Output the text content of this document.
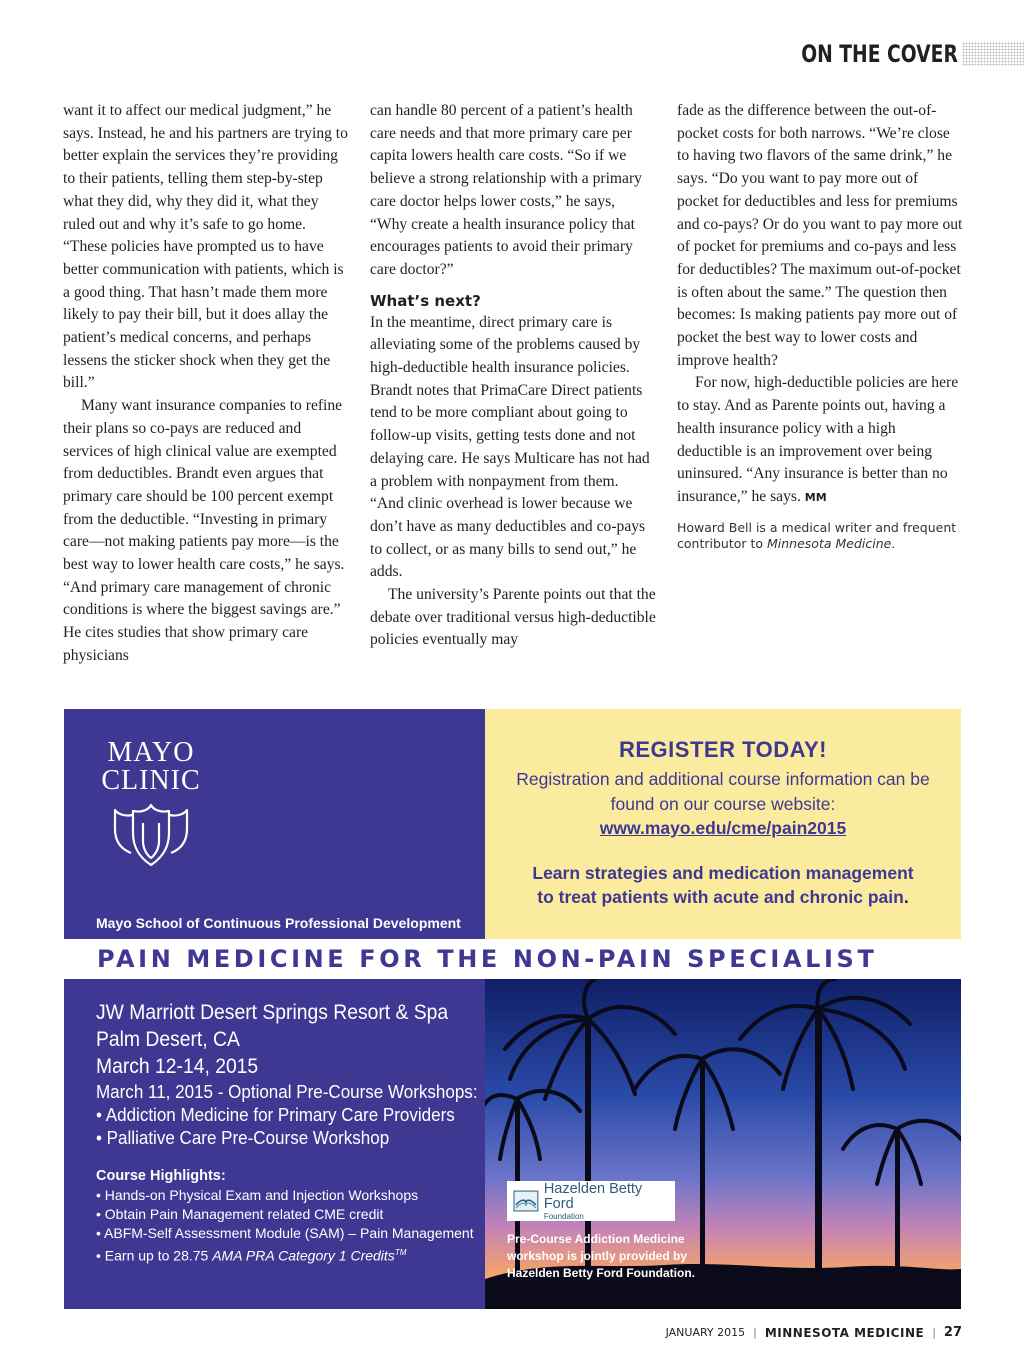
ON THE COVER

want it to affect our medical judgment,” he says. Instead, he and his partners are trying to better explain the services they’re providing to their patients, telling them step-by-step what they did, why they did it, what they ruled out and why it’s safe to go home. “These policies have prompted us to have better communication with patients, which is a good thing. That hasn’t made them more likely to pay their bill, but it does allay the patient’s medical concerns, and perhaps lessens the sticker shock when they get the bill.”

Many want insurance companies to refine their plans so co-pays are reduced and services of high clinical value are exempted from deductibles. Brandt even argues that primary care should be 100 percent exempt from the deductible. “Investing in primary care—not making patients pay more—is the best way to lower health care costs,” he says. “And primary care management of chronic conditions is where the biggest savings are.” He cites studies that show primary care physicians

can handle 80 percent of a patient’s health care needs and that more primary care per capita lowers health care costs. “So if we believe a strong relationship with a primary care doctor helps lower costs,” he says, “Why create a health insurance policy that encourages patients to avoid their primary care doctor?”

What’s next?

In the meantime, direct primary care is alleviating some of the problems caused by high-deductible health insurance policies. Brandt notes that PrimaCare Direct patients tend to be more compliant about going to follow-up visits, getting tests done and not delaying care. He says Multicare has not had a problem with nonpayment from them. “And clinic overhead is lower because we don’t have as many deductibles and co-pays to collect, or as many bills to send out,” he adds.

The university’s Parente points out that the debate over traditional versus high-deductible policies eventually may

fade as the difference between the out-of-pocket costs for both narrows. “We’re close to having two flavors of the same drink,” he says. “Do you want to pay more out of pocket for deductibles and less for premiums and co-pays? Or do you want to pay more out of pocket for premiums and co-pays and less for deductibles? The maximum out-of-pocket is often about the same.” The question then becomes: Is making patients pay more out of pocket the best way to lower costs and improve health?

For now, high-deductible policies are here to stay. And as Parente points out, having a health insurance policy with a high deductible is an improvement over being uninsured. “Any insurance is better than no insurance,” he says. MM

Howard Bell is a medical writer and frequent contributor to Minnesota Medicine.

MAYO
CLINIC
Mayo School of Continuous Professional Development
REGISTER TODAY!
Registration and additional course information can be found on our course website:
www.mayo.edu/cme/pain2015
Learn strategies and medication management to treat patients with acute and chronic pain.
PAIN MEDICINE FOR THE NON-PAIN SPECIALIST
JW Marriott Desert Springs Resort & Spa
Palm Desert, CA
March 12-14, 2015
March 11, 2015 - Optional Pre-Course Workshops:
• Addiction Medicine for Primary Care Providers
• Palliative Care Pre-Course Workshop
Course Highlights:
• Hands-on Physical Exam and Injection Workshops
• Obtain Pain Management related CME credit
• ABFM-Self Assessment Module (SAM) – Pain Management
• Earn up to 28.75 AMA PRA Category 1 Credits™
Hazelden Betty Ford
Foundation
Pre-Course Addiction Medicine workshop is jointly provided by Hazelden Betty Ford Foundation.
JANUARY 2015 | MINNESOTA MEDICINE | 27
